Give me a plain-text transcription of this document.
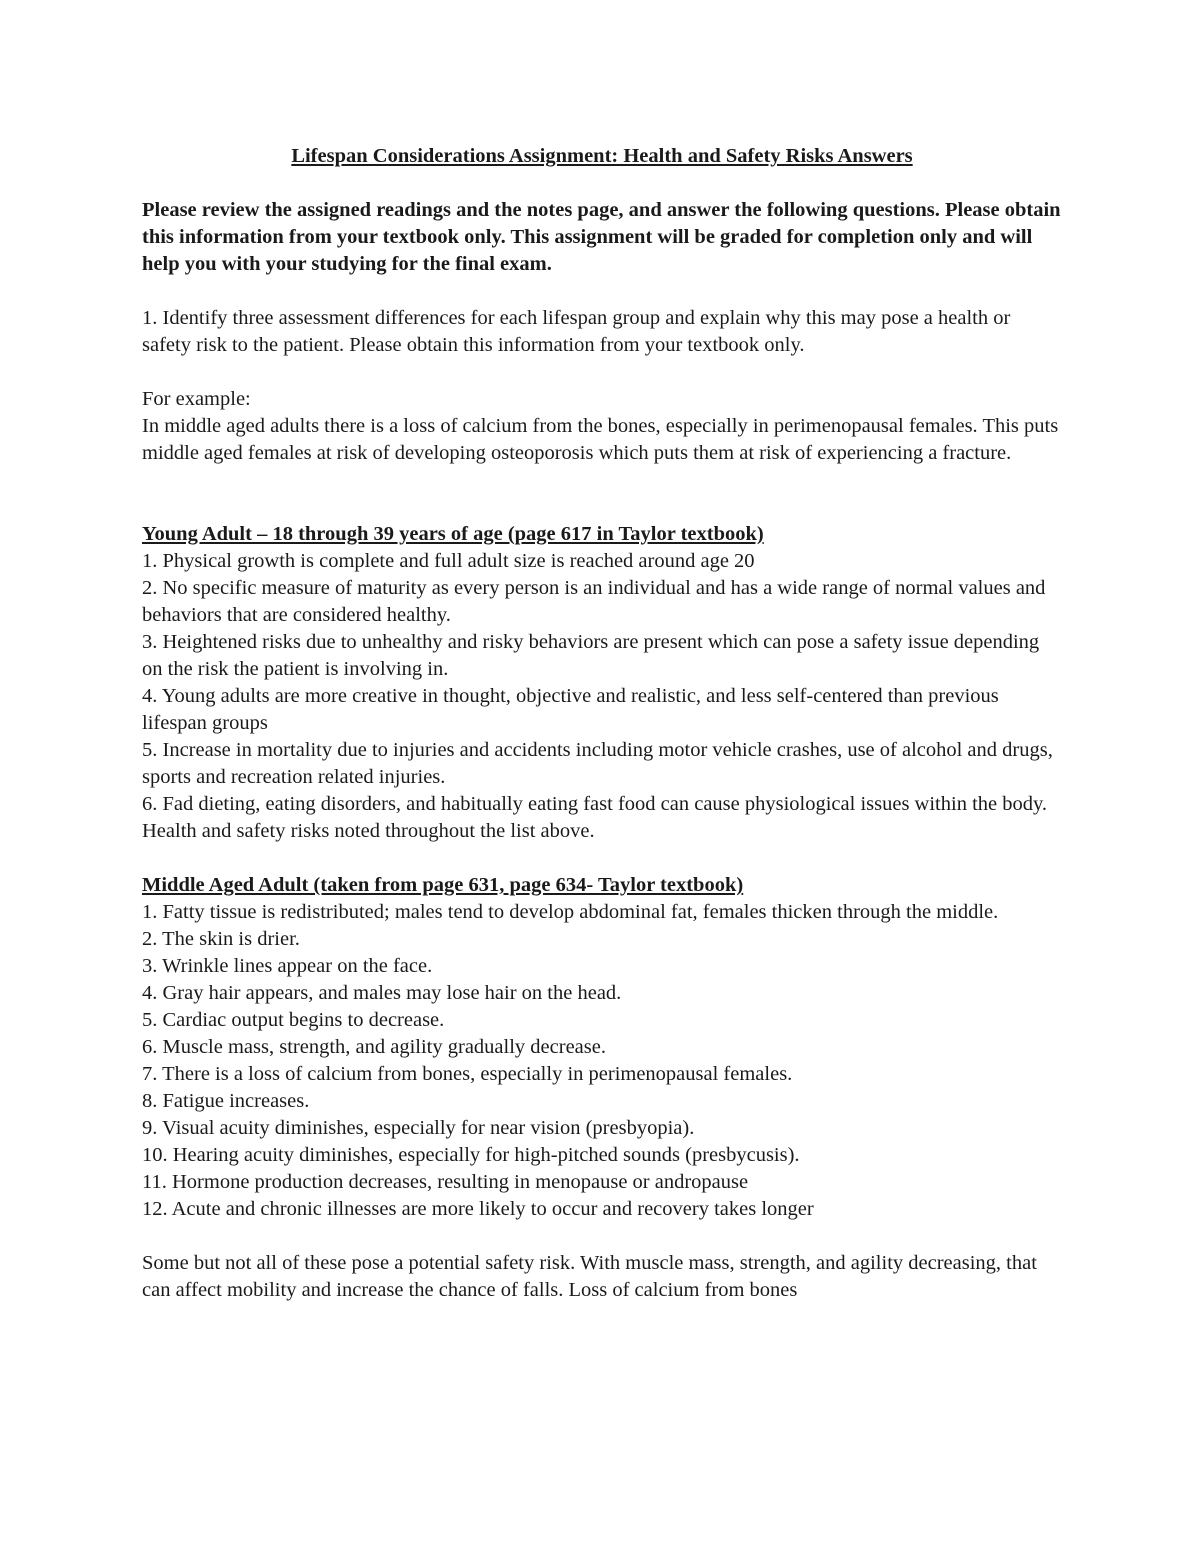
Lifespan Considerations Assignment: Health and Safety Risks Answers

Please review the assigned readings and the notes page, and answer the following questions. Please obtain this information from your textbook only. This assignment will be graded for completion only and will help you with your studying for the final exam.

1. Identify three assessment differences for each lifespan group and explain why this may pose a health or safety risk to the patient. Please obtain this information from your textbook only.

For example:

In middle aged adults there is a loss of calcium from the bones, especially in perimenopausal females. This puts middle aged females at risk of developing osteoporosis which puts them at risk of experiencing a fracture.

Young Adult – 18 through 39 years of age (page 617 in Taylor textbook)

1. Physical growth is complete and full adult size is reached around age 20
2. No specific measure of maturity as every person is an individual and has a wide range of normal values and behaviors that are considered healthy.
3. Heightened risks due to unhealthy and risky behaviors are present which can pose a safety issue depending on the risk the patient is involving in.
4. Young adults are more creative in thought, objective and realistic, and less self-centered than previous lifespan groups
5. Increase in mortality due to injuries and accidents including motor vehicle crashes, use of alcohol and drugs, sports and recreation related injuries.
6. Fad dieting, eating disorders, and habitually eating fast food can cause physiological issues within the body.

Health and safety risks noted throughout the list above.

Middle Aged Adult (taken from page 631, page 634- Taylor textbook)

1. Fatty tissue is redistributed; males tend to develop abdominal fat, females thicken through the middle.
2. The skin is drier.
3. Wrinkle lines appear on the face.
4. Gray hair appears, and males may lose hair on the head.
5. Cardiac output begins to decrease.
6. Muscle mass, strength, and agility gradually decrease.
7. There is a loss of calcium from bones, especially in perimenopausal females.
8. Fatigue increases.
9. Visual acuity diminishes, especially for near vision (presbyopia).
10. Hearing acuity diminishes, especially for high-pitched sounds (presbycusis).
11. Hormone production decreases, resulting in menopause or andropause
12. Acute and chronic illnesses are more likely to occur and recovery takes longer

Some but not all of these pose a potential safety risk. With muscle mass, strength, and agility decreasing, that can affect mobility and increase the chance of falls. Loss of calcium from bones
